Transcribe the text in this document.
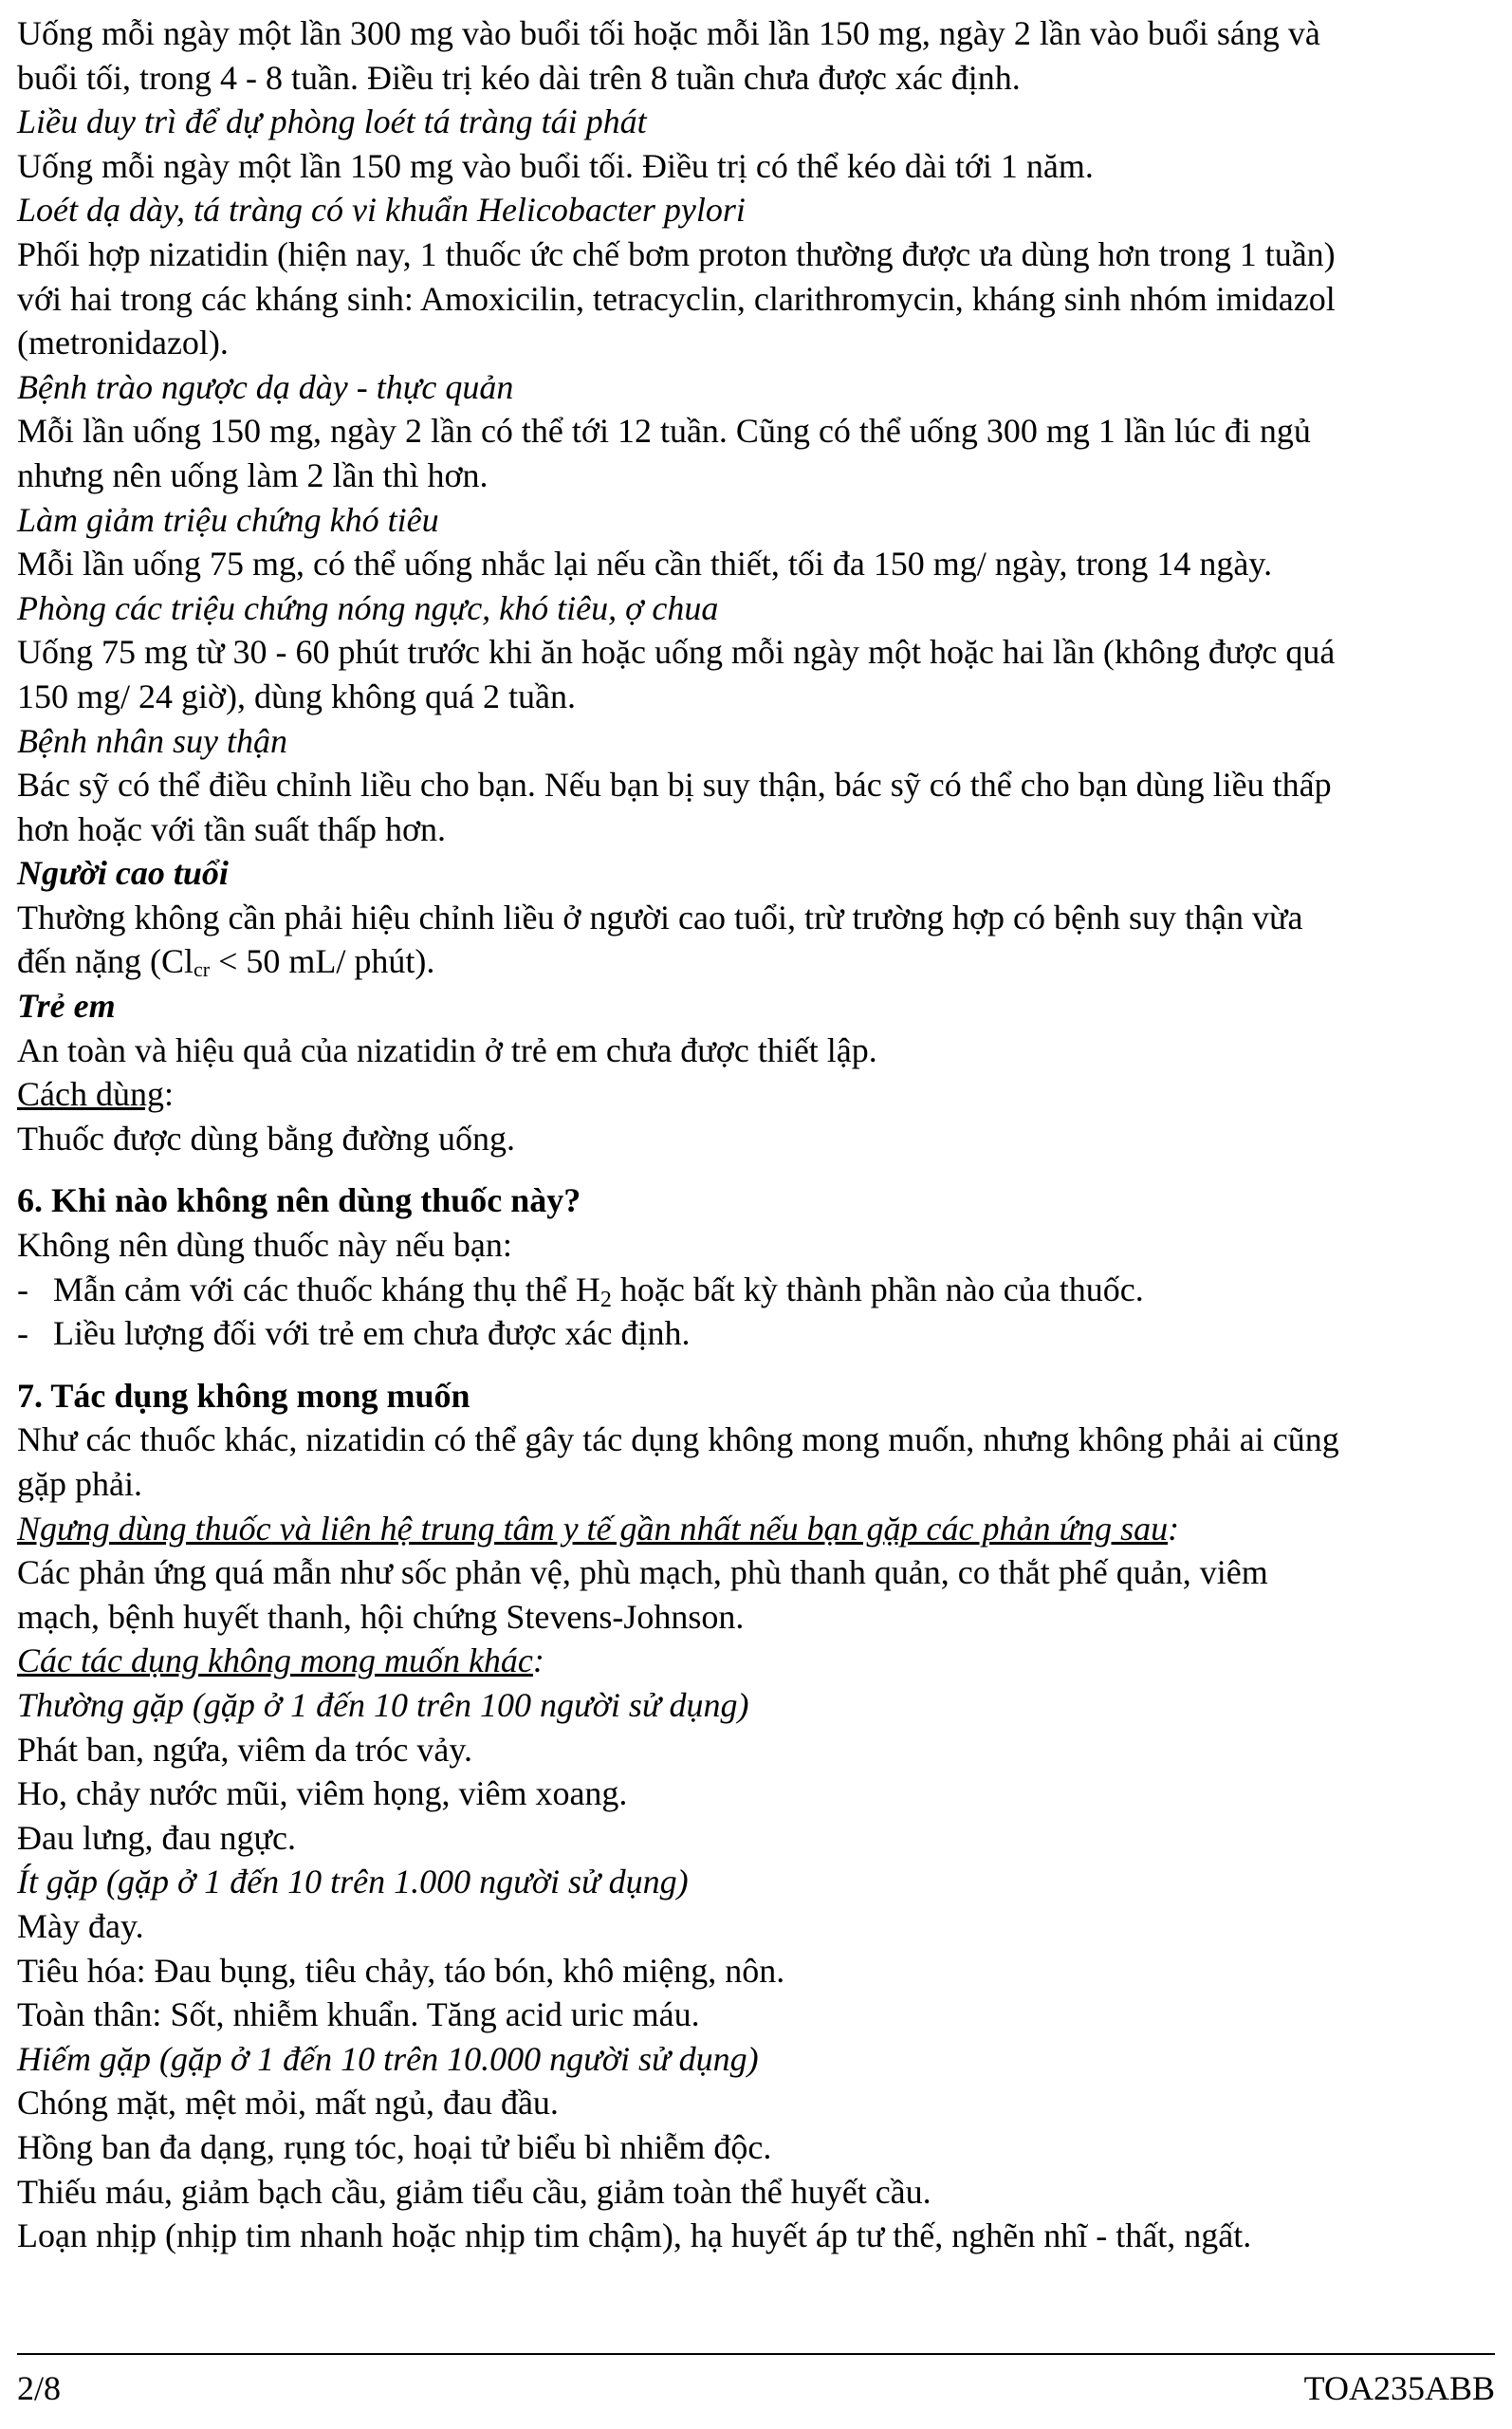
Uống mỗi ngày một lần 300 mg vào buổi tối hoặc mỗi lần 150 mg, ngày 2 lần vào buổi sáng và
buổi tối, trong 4 - 8 tuần. Điều trị kéo dài trên 8 tuần chưa được xác định.
Liều duy trì để dự phòng loét tá tràng tái phát
Uống mỗi ngày một lần 150 mg vào buổi tối. Điều trị có thể kéo dài tới 1 năm.
Loét dạ dày, tá tràng có vi khuẩn Helicobacter pylori
Phối hợp nizatidin (hiện nay, 1 thuốc ức chế bơm proton thường được ưa dùng hơn trong 1 tuần)
với hai trong các kháng sinh: Amoxicilin, tetracyclin, clarithromycin, kháng sinh nhóm imidazol
(metronidazol).
Bệnh trào ngược dạ dày - thực quản
Mỗi lần uống 150 mg, ngày 2 lần có thể tới 12 tuần. Cũng có thể uống 300 mg 1 lần lúc đi ngủ
nhưng nên uống làm 2 lần thì hơn.
Làm giảm triệu chứng khó tiêu
Mỗi lần uống 75 mg, có thể uống nhắc lại nếu cần thiết, tối đa 150 mg/ ngày, trong 14 ngày.
Phòng các triệu chứng nóng ngực, khó tiêu, ợ chua
Uống 75 mg từ 30 - 60 phút trước khi ăn hoặc uống mỗi ngày một hoặc hai lần (không được quá
150 mg/ 24 giờ), dùng không quá 2 tuần.
Bệnh nhân suy thận
Bác sỹ có thể điều chỉnh liều cho bạn. Nếu bạn bị suy thận, bác sỹ có thể cho bạn dùng liều thấp
hơn hoặc với tần suất thấp hơn.
Người cao tuổi
Thường không cần phải hiệu chỉnh liều ở người cao tuổi, trừ trường hợp có bệnh suy thận vừa
đến nặng ($Cl_{cr} < 50$ mL/ phút).
Trẻ em
An toàn và hiệu quả của nizatidin ở trẻ em chưa được thiết lập.
Cách dùng:
Thuốc được dùng bằng đường uống.
6. Khi nào không nên dùng thuốc này?
Không nên dùng thuốc này nếu bạn:
- Mẫn cảm với các thuốc kháng thụ thể $H_2$ hoặc bất kỳ thành phần nào của thuốc.
- Liều lượng đối với trẻ em chưa được xác định.
7. Tác dụng không mong muốn
Như các thuốc khác, nizatidin có thể gây tác dụng không mong muốn, nhưng không phải ai cũng
gặp phải.
Ngưng dùng thuốc và liên hệ trung tâm y tế gần nhất nếu bạn gặp các phản ứng sau:
Các phản ứng quá mẫn như sốc phản vệ, phù mạch, phù thanh quản, co thắt phế quản, viêm
mạch, bệnh huyết thanh, hội chứng Stevens-Johnson.
Các tác dụng không mong muốn khác:
Thường gặp (gặp ở 1 đến 10 trên 100 người sử dụng)
Phát ban, ngứa, viêm da tróc vảy.
Ho, chảy nước mũi, viêm họng, viêm xoang.
Đau lưng, đau ngực.
Ít gặp (gặp ở 1 đến 10 trên 1.000 người sử dụng)
Mày đay.
Tiêu hóa: Đau bụng, tiêu chảy, táo bón, khô miệng, nôn.
Toàn thân: Sốt, nhiễm khuẩn. Tăng acid uric máu.
Hiếm gặp (gặp ở 1 đến 10 trên 10.000 người sử dụng)
Chóng mặt, mệt mỏi, mất ngủ, đau đầu.
Hồng ban đa dạng, rụng tóc, hoại tử biểu bì nhiễm độc.
Thiếu máu, giảm bạch cầu, giảm tiểu cầu, giảm toàn thể huyết cầu.
Loạn nhịp (nhịp tim nhanh hoặc nhịp tim chậm), hạ huyết áp tư thế, nghẽn nhĩ - thất, ngất.
2/8	TOA235ABB
